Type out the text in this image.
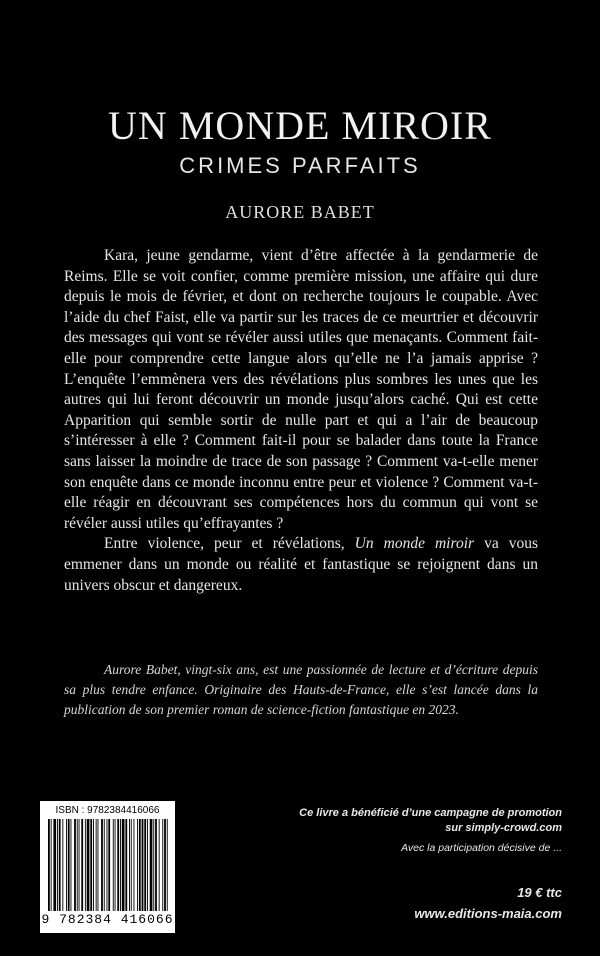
UN MONDE MIROIR
CRIMES PARFAITS
AURORE BABET

Kara, jeune gendarme, vient d’être affectée à la gendarmerie de Reims. Elle se voit confier, comme première mission, une affaire qui dure depuis le mois de février, et dont on recherche toujours le coupable. Avec l’aide du chef Faist, elle va partir sur les traces de ce meurtrier et découvrir des messages qui vont se révéler aussi utiles que menaçants. Comment fait-elle pour comprendre cette langue alors qu’elle ne l’a jamais apprise ? L’enquête l’emmènera vers des révélations plus sombres les unes que les autres qui lui feront découvrir un monde jusqu’alors caché. Qui est cette Apparition qui semble sortir de nulle part et qui a l’air de beaucoup s’intéresser à elle ? Comment fait-il pour se balader dans toute la France sans laisser la moindre de trace de son passage ? Comment va-t-elle mener son enquête dans ce monde inconnu entre peur et violence ? Comment va-t-elle réagir en découvrant ses compétences hors du commun qui vont se révéler aussi utiles qu’effrayantes ?

Entre violence, peur et révélations, Un monde miroir va vous emmener dans un monde ou réalité et fantastique se rejoignent dans un univers obscur et dangereux.

Aurore Babet, vingt-six ans, est une passionnée de lecture et d’écriture depuis sa plus tendre enfance. Originaire des Hauts-de-France, elle s’est lancée dans la publication de son premier roman de science-fiction fantastique en 2023.

ISBN : 9782384416066
9 782384 416066
Ce livre a bénéficié d’une campagne de promotion
sur simply-crowd.com
Avec la participation décisive de ...
19 € ttc
www.editions-maia.com
